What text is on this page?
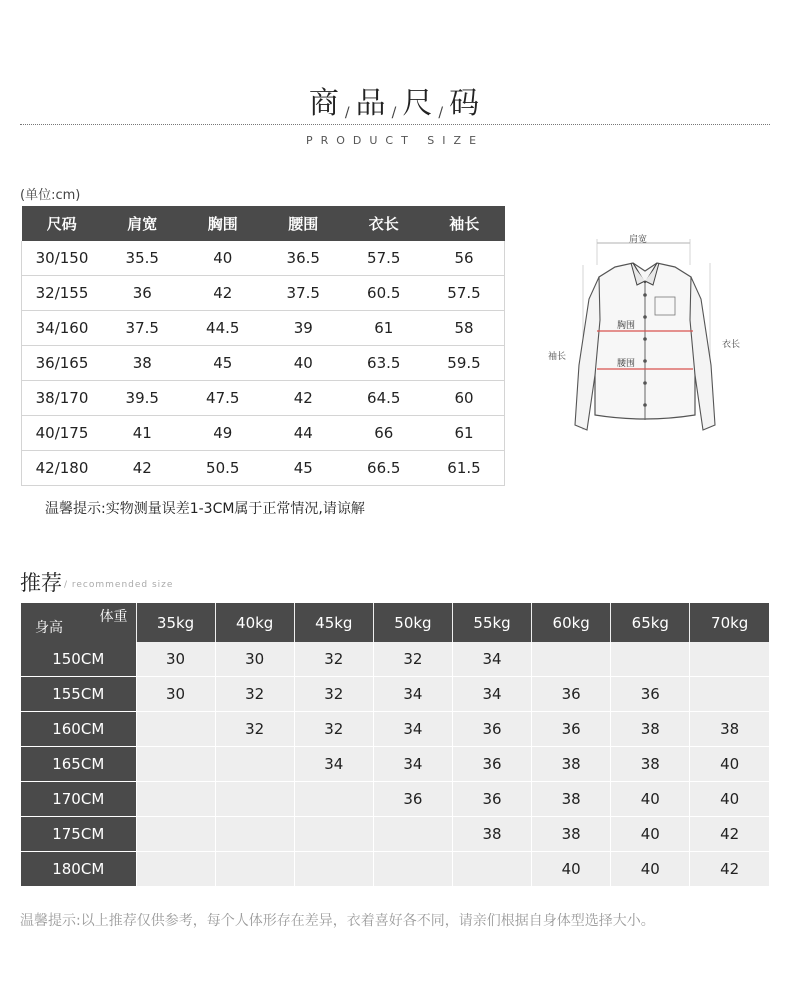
商 / 品 / 尺 / 码
PRODUCT SIZE
(单位:cm)
尺码	肩宽	胸围	腰围	衣长	袖长
30/150	35.5	40	36.5	57.5	56
32/155	36	42	37.5	60.5	57.5
34/160	37.5	44.5	39	61	58
36/165	38	45	40	63.5	59.5
38/170	39.5	47.5	42	64.5	60
40/175	41	49	44	66	61
42/180	42	50.5	45	66.5	61.5
温馨提示:实物测量误差1-3CM属于正常情况,请谅解
肩宽
衣长
袖长
胸围
腰围
推荐 / recommended size
体重
身高	35kg	40kg	45kg	50kg	55kg	60kg	65kg	70kg
150CM	30	30	32	32	34			
155CM	30	32	32	34	34	36	36	
160CM		32	32	34	36	36	38	38
165CM			34	34	36	38	38	40
170CM				36	36	38	40	40
175CM					38	38	40	42
180CM						40	40	42
温馨提示:以上推荐仅供参考，每个人体形存在差异，衣着喜好各不同，请亲们根据自身体型选择大小。
